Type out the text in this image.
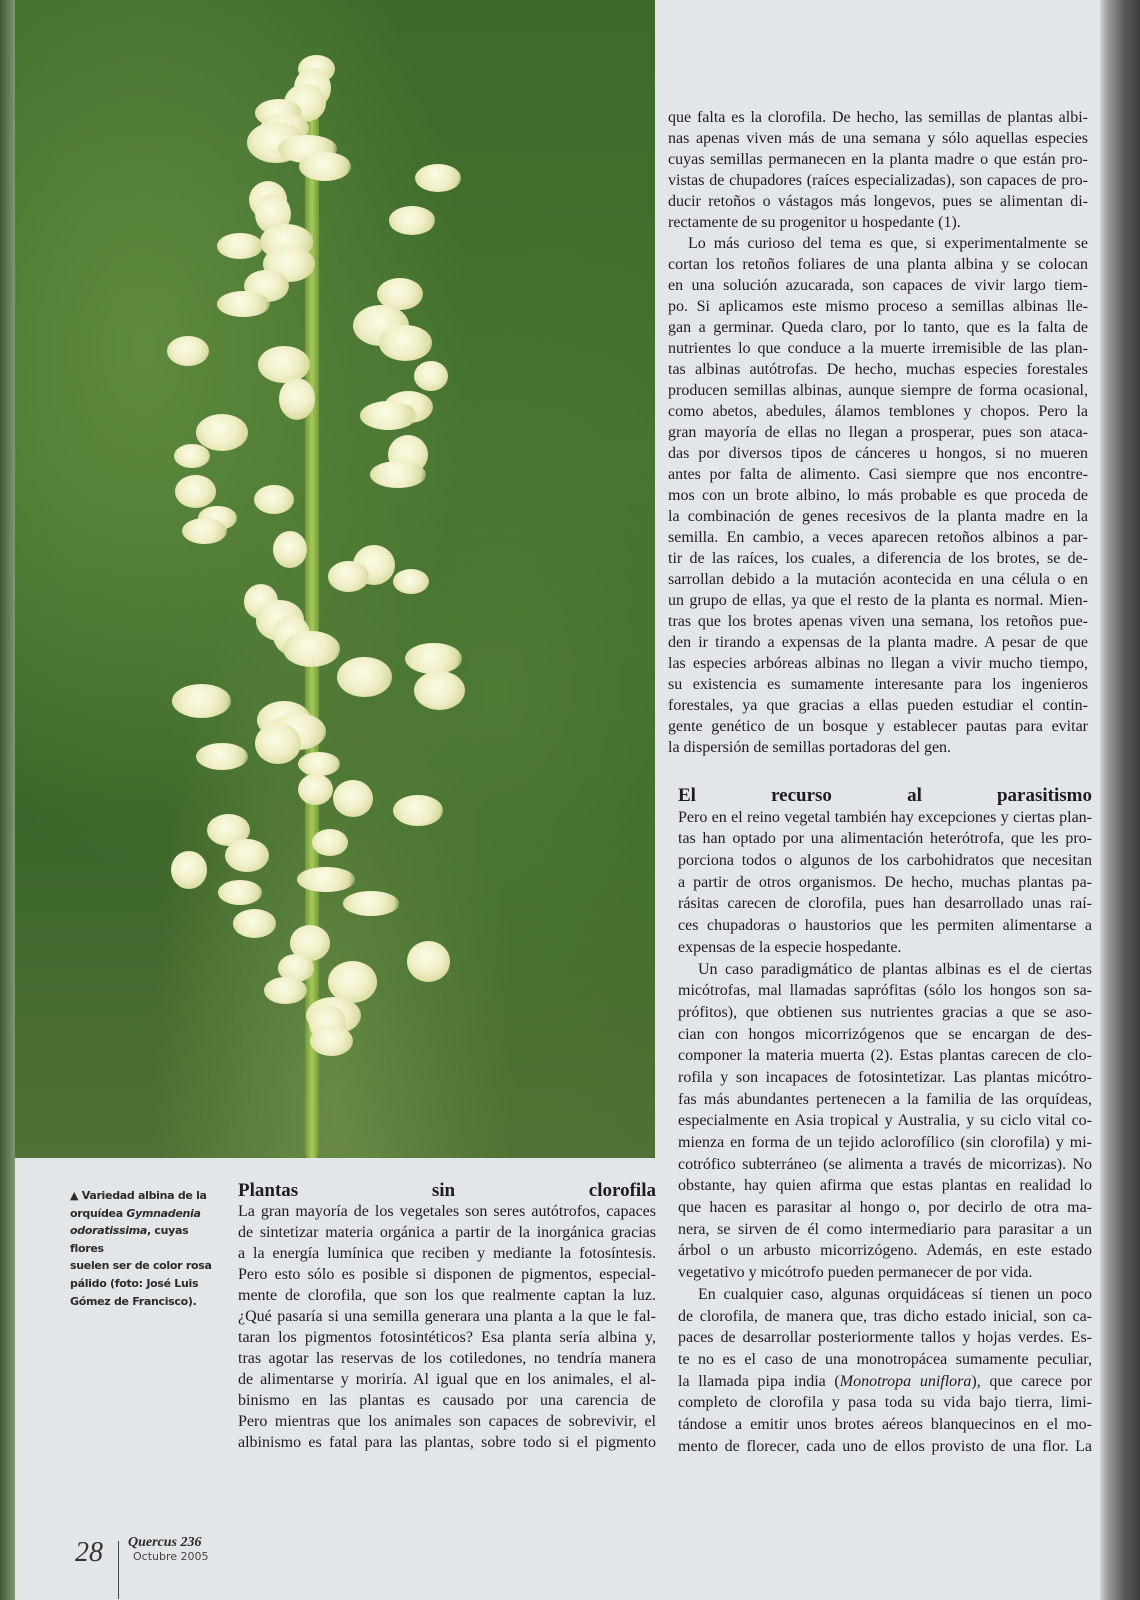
▲ Variedad albina de la
orquídea Gymnadenia
odoratissima, cuyas flores
suelen ser de color rosa
pálido (foto: José Luis
Gómez de Francisco).
Plantas sin clorofila
La gran mayoría de los vegetales son seres autótrofos, capaces
de sintetizar materia orgánica a partir de la inorgánica gracias
a la energía lumínica que reciben y mediante la fotosíntesis.
Pero esto sólo es posible si disponen de pigmentos, especial-
mente de clorofila, que son los que realmente captan la luz.
¿Qué pasaría si una semilla generara una planta a la que le fal-
taran los pigmentos fotosintéticos? Esa planta sería albina y,
tras agotar las reservas de los cotiledones, no tendría manera
de alimentarse y moriría. Al igual que en los animales, el al-
binismo en las plantas es causado por una carencia de
Pero mientras que los animales son capaces de sobrevivir, el
albinismo es fatal para las plantas, sobre todo si el pigmento
que falta es la clorofila. De hecho, las semillas de plantas albi-
nas apenas viven más de una semana y sólo aquellas especies
cuyas semillas permanecen en la planta madre o que están pro-
vistas de chupadores (raíces especializadas), son capaces de pro-
ducir retoños o vástagos más longevos, pues se alimentan di-
rectamente de su progenitor u hospedante (1).
Lo más curioso del tema es que, si experimentalmente se
cortan los retoños foliares de una planta albina y se colocan
en una solución azucarada, son capaces de vivir largo tiem-
po. Si aplicamos este mismo proceso a semillas albinas lle-
gan a germinar. Queda claro, por lo tanto, que es la falta de
nutrientes lo que conduce a la muerte irremisible de las plan-
tas albinas autótrofas. De hecho, muchas especies forestales
producen semillas albinas, aunque siempre de forma ocasional,
como abetos, abedules, álamos temblones y chopos. Pero la
gran mayoría de ellas no llegan a prosperar, pues son ataca-
das por diversos tipos de cánceres u hongos, si no mueren
antes por falta de alimento. Casi siempre que nos encontre-
mos con un brote albino, lo más probable es que proceda de
la combinación de genes recesivos de la planta madre en la
semilla. En cambio, a veces aparecen retoños albinos a par-
tir de las raíces, los cuales, a diferencia de los brotes, se de-
sarrollan debido a la mutación acontecida en una célula o en
un grupo de ellas, ya que el resto de la planta es normal. Mien-
tras que los brotes apenas viven una semana, los retoños pue-
den ir tirando a expensas de la planta madre. A pesar de que
las especies arbóreas albinas no llegan a vivir mucho tiempo,
su existencia es sumamente interesante para los ingenieros
forestales, ya que gracias a ellas pueden estudiar el contin-
gente genético de un bosque y establecer pautas para evitar
la dispersión de semillas portadoras del gen.
El recurso al parasitismo
Pero en el reino vegetal también hay excepciones y ciertas plan-
tas han optado por una alimentación heterótrofa, que les pro-
porciona todos o algunos de los carbohidratos que necesitan
a partir de otros organismos. De hecho, muchas plantas pa-
rásitas carecen de clorofila, pues han desarrollado unas raí-
ces chupadoras o haustorios que les permiten alimentarse a
expensas de la especie hospedante.
Un caso paradigmático de plantas albinas es el de ciertas
micótrofas, mal llamadas saprófitas (sólo los hongos son sa-
prófitos), que obtienen sus nutrientes gracias a que se aso-
cian con hongos micorrizógenos que se encargan de des-
componer la materia muerta (2). Estas plantas carecen de clo-
rofila y son incapaces de fotosintetizar. Las plantas micótro-
fas más abundantes pertenecen a la familia de las orquídeas,
especialmente en Asia tropical y Australia, y su ciclo vital co-
mienza en forma de un tejido aclorofílico (sin clorofila) y mi-
cotrófico subterráneo (se alimenta a través de micorrizas). No
obstante, hay quien afirma que estas plantas en realidad lo
que hacen es parasitar al hongo o, por decirlo de otra ma-
nera, se sirven de él como intermediario para parasitar a un
árbol o un arbusto micorrizógeno. Además, en este estado
vegetativo y micótrofo pueden permanecer de por vida.
En cualquier caso, algunas orquidáceas sí tienen un poco
de clorofila, de manera que, tras dicho estado inicial, son ca-
paces de desarrollar posteriormente tallos y hojas verdes. Es-
te no es el caso de una monotropácea sumamente peculiar,
la llamada pipa india (Monotropa uniflora), que carece por
completo de clorofila y pasa toda su vida bajo tierra, limi-
tándose a emitir unos brotes aéreos blanquecinos en el mo-
mento de florecer, cada uno de ellos provisto de una flor. La
28 Quercus 236
Octubre 2005
